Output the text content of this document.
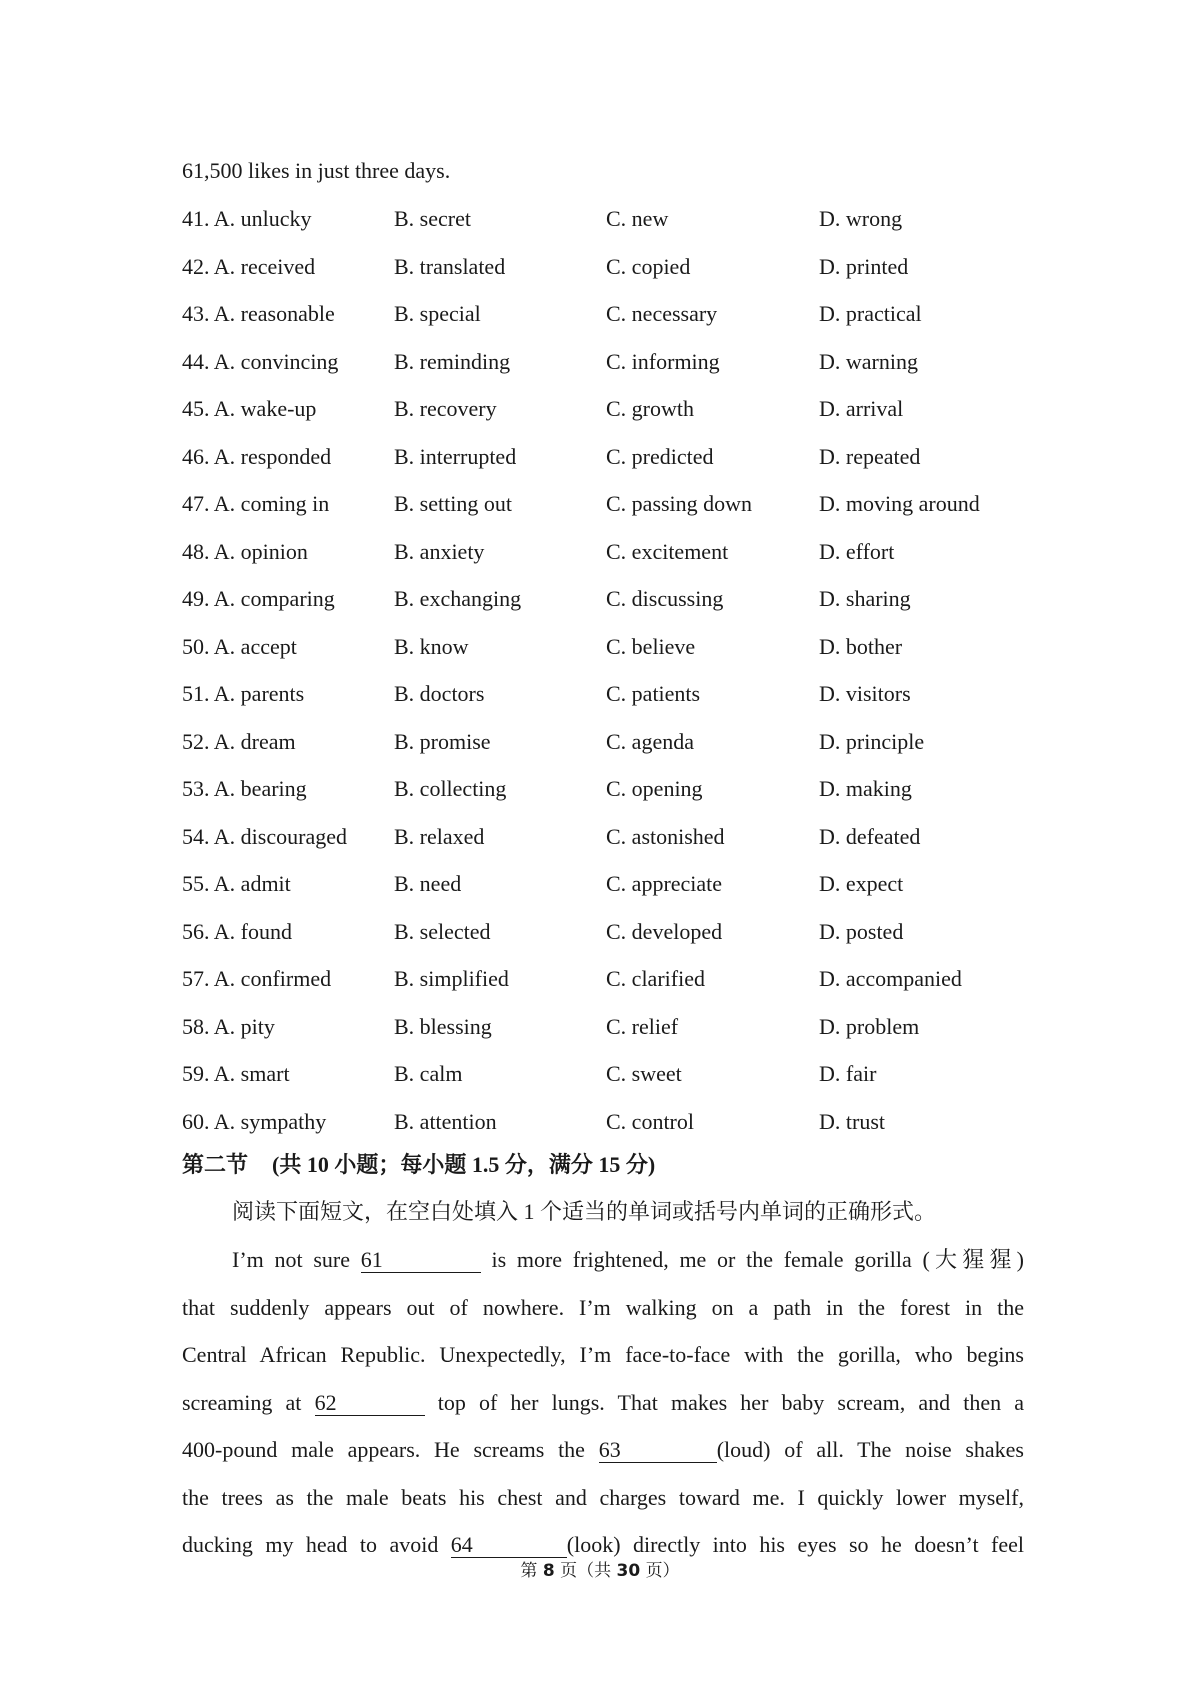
61,500 likes in just three days.
41. A. unlucky	B. secret	C. new	D. wrong
42. A. received	B. translated	C. copied	D. printed
43. A. reasonable	B. special	C. necessary	D. practical
44. A. convincing	B. reminding	C. informing	D. warning
45. A. wake-up	B. recovery	C. growth	D. arrival
46. A. responded	B. interrupted	C. predicted	D. repeated
47. A. coming in	B. setting out	C. passing down	D. moving around
48. A. opinion	B. anxiety	C. excitement	D. effort
49. A. comparing	B. exchanging	C. discussing	D. sharing
50. A. accept	B. know	C. believe	D. bother
51. A. parents	B. doctors	C. patients	D. visitors
52. A. dream	B. promise	C. agenda	D. principle
53. A. bearing	B. collecting	C. opening	D. making
54. A. discouraged B. relaxed	C. astonished	D. defeated
55. A. admit	B. need	C. appreciate	D. expect
56. A. found	B. selected	C. developed	D. posted
57. A. confirmed	B. simplified	C. clarified	D. accompanied
58. A. pity	B. blessing	C. relief	D. problem
59. A. smart	B. calm	C. sweet	D. fair
60. A. sympathy	B. attention	C. control	D. trust
第二节 (共 10 小题；每小题 1.5 分，满分 15 分)
阅读下面短文，在空白处填入 1 个适当的单词或括号内单词的正确形式。
I’m not sure 61	is more frightened, me or the female gorilla (大猩猩)
that suddenly appears out of nowhere. I’m walking on a path in the forest in the
Central African Republic. Unexpectedly, I’m face-to-face with the gorilla, who begins
screaming at 62	top of her lungs. That makes her baby scream, and then a
400-pound male appears. He screams the 63	(loud) of all. The noise shakes
the trees as the male beats his chest and charges toward me. I quickly lower myself,
ducking my head to avoid 64	(look) directly into his eyes so he doesn’t feel
第 8 页（共 30 页）
